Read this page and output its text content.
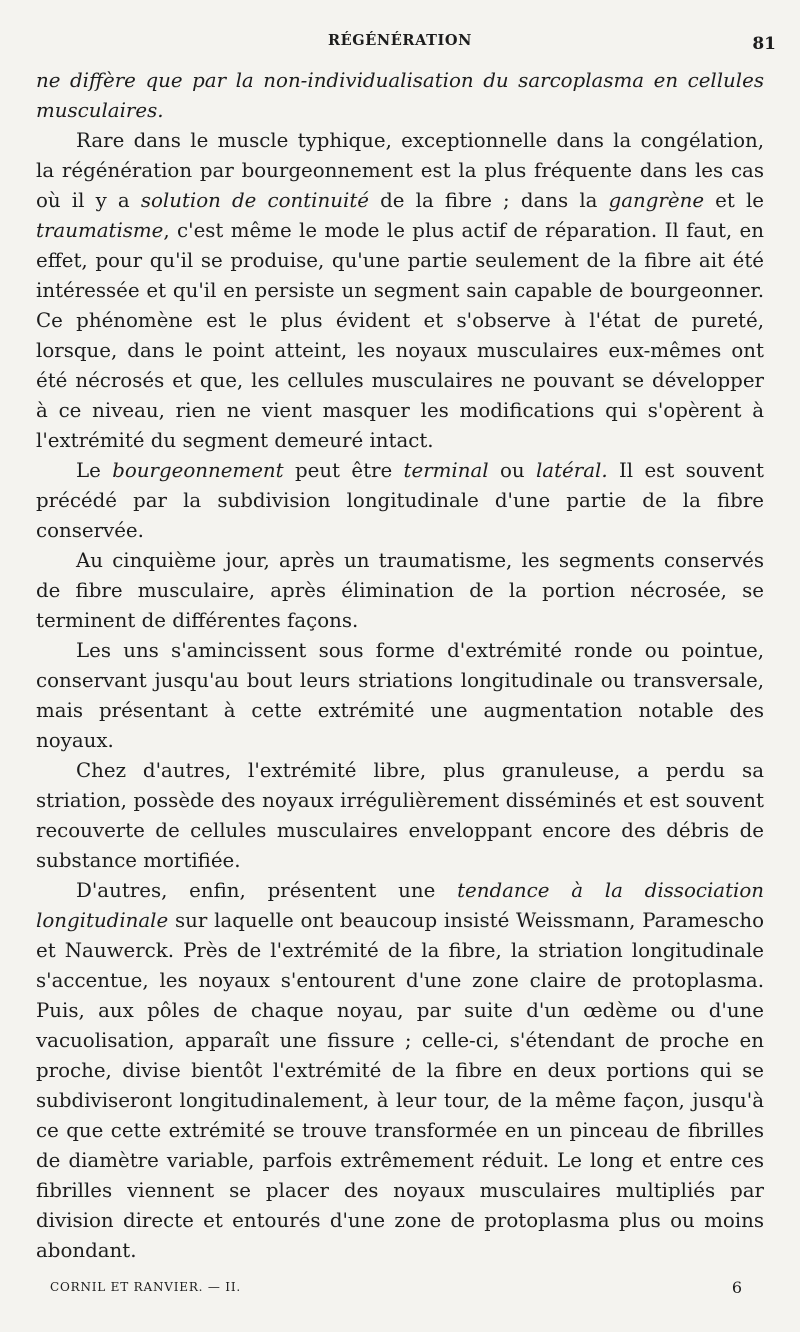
RÉGÉNÉRATION	81

ne diffère que par la non-individualisation du sarcoplasma en cellules musculaires.

Rare dans le muscle typhique, exceptionnelle dans la congélation, la régénération par bourgeonnement est la plus fréquente dans les cas où il y a solution de continuité de la fibre ; dans la gangrène et le traumatisme, c'est même le mode le plus actif de réparation. Il faut, en effet, pour qu'il se produise, qu'une partie seulement de la fibre ait été intéressée et qu'il en persiste un segment sain capable de bourgeonner. Ce phénomène est le plus évident et s'observe à l'état de pureté, lorsque, dans le point atteint, les noyaux musculaires eux-mêmes ont été nécrosés et que, les cellules musculaires ne pouvant se développer à ce niveau, rien ne vient masquer les modifications qui s'opèrent à l'extrémité du segment demeuré intact.

Le bourgeonnement peut être terminal ou latéral. Il est souvent précédé par la subdivision longitudinale d'une partie de la fibre conservée.

Au cinquième jour, après un traumatisme, les segments conservés de fibre musculaire, après élimination de la portion nécrosée, se terminent de différentes façons.

Les uns s'amincissent sous forme d'extrémité ronde ou pointue, conservant jusqu'au bout leurs striations longitudinale ou transversale, mais présentant à cette extrémité une augmentation notable des noyaux.

Chez d'autres, l'extrémité libre, plus granuleuse, a perdu sa striation, possède des noyaux irrégulièrement disséminés et est souvent recouverte de cellules musculaires enveloppant encore des débris de substance mortifiée.

D'autres, enfin, présentent une tendance à la dissociation longitudinale sur laquelle ont beaucoup insisté Weissmann, Paramescho et Nauwerck. Près de l'extrémité de la fibre, la striation longitudinale s'accentue, les noyaux s'entourent d'une zone claire de protoplasma. Puis, aux pôles de chaque noyau, par suite d'un œdème ou d'une vacuolisation, apparaît une fissure ; celle-ci, s'étendant de proche en proche, divise bientôt l'extrémité de la fibre en deux portions qui se subdiviseront longitudinalement, à leur tour, de la même façon, jusqu'à ce que cette extrémité se trouve transformée en un pinceau de fibrilles de diamètre variable, parfois extrêmement réduit. Le long et entre ces fibrilles viennent se placer des noyaux musculaires multipliés par division directe et entourés d'une zone de protoplasma plus ou moins abondant.

CORNIL ET RANVIER. — II.	6
